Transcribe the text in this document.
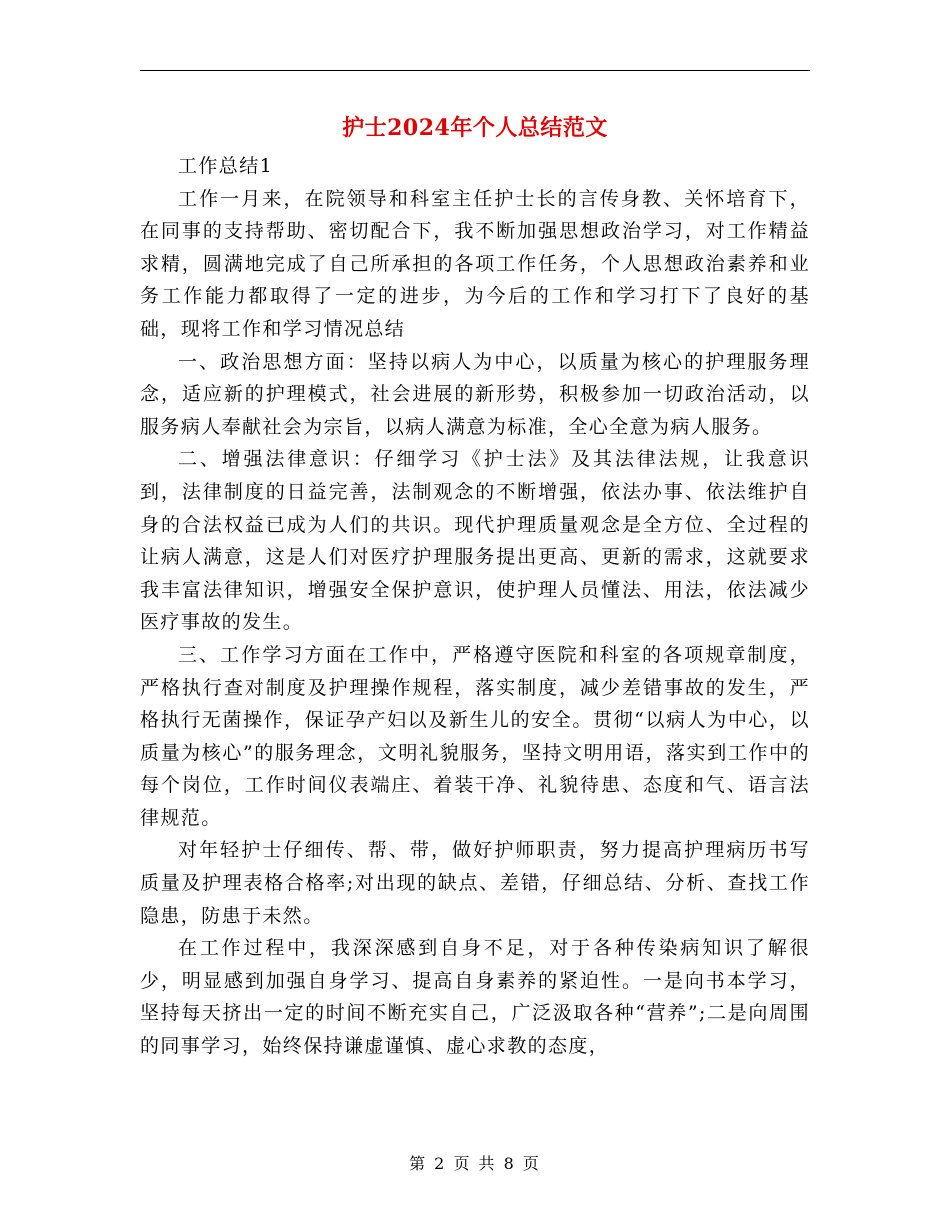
护士2024年个人总结范文

工作总结1

工作一月来，在院领导和科室主任护士长的言传身教、关怀培育下，在同事的支持帮助、密切配合下，我不断加强思想政治学习，对工作精益求精，圆满地完成了自己所承担的各项工作任务，个人思想政治素养和业务工作能力都取得了一定的进步，为今后的工作和学习打下了良好的基础，现将工作和学习情况总结

一、政治思想方面：坚持以病人为中心，以质量为核心的护理服务理念，适应新的护理模式，社会进展的新形势，积极参加一切政治活动，以服务病人奉献社会为宗旨，以病人满意为标准，全心全意为病人服务。

二、增强法律意识：仔细学习《护士法》及其法律法规，让我意识到，法律制度的日益完善，法制观念的不断增强，依法办事、依法维护自身的合法权益已成为人们的共识。现代护理质量观念是全方位、全过程的让病人满意，这是人们对医疗护理服务提出更高、更新的需求，这就要求我丰富法律知识，增强安全保护意识，使护理人员懂法、用法，依法减少医疗事故的发生。

三、工作学习方面在工作中，严格遵守医院和科室的各项规章制度，严格执行查对制度及护理操作规程，落实制度，减少差错事故的发生，严格执行无菌操作，保证孕产妇以及新生儿的安全。贯彻“以病人为中心，以质量为核心”的服务理念，文明礼貌服务，坚持文明用语，落实到工作中的每个岗位，工作时间仪表端庄、着装干净、礼貌待患、态度和气、语言法律规范。

对年轻护士仔细传、帮、带，做好护师职责，努力提高护理病历书写质量及护理表格合格率;对出现的缺点、差错，仔细总结、分析、查找工作隐患，防患于未然。

在工作过程中，我深深感到自身不足，对于各种传染病知识了解很少，明显感到加强自身学习、提高自身素养的紧迫性。一是向书本学习，坚持每天挤出一定的时间不断充实自己，广泛汲取各种“营养”;二是向周围的同事学习，始终保持谦虚谨慎、虚心求教的态度，

第 2 页 共 8 页
